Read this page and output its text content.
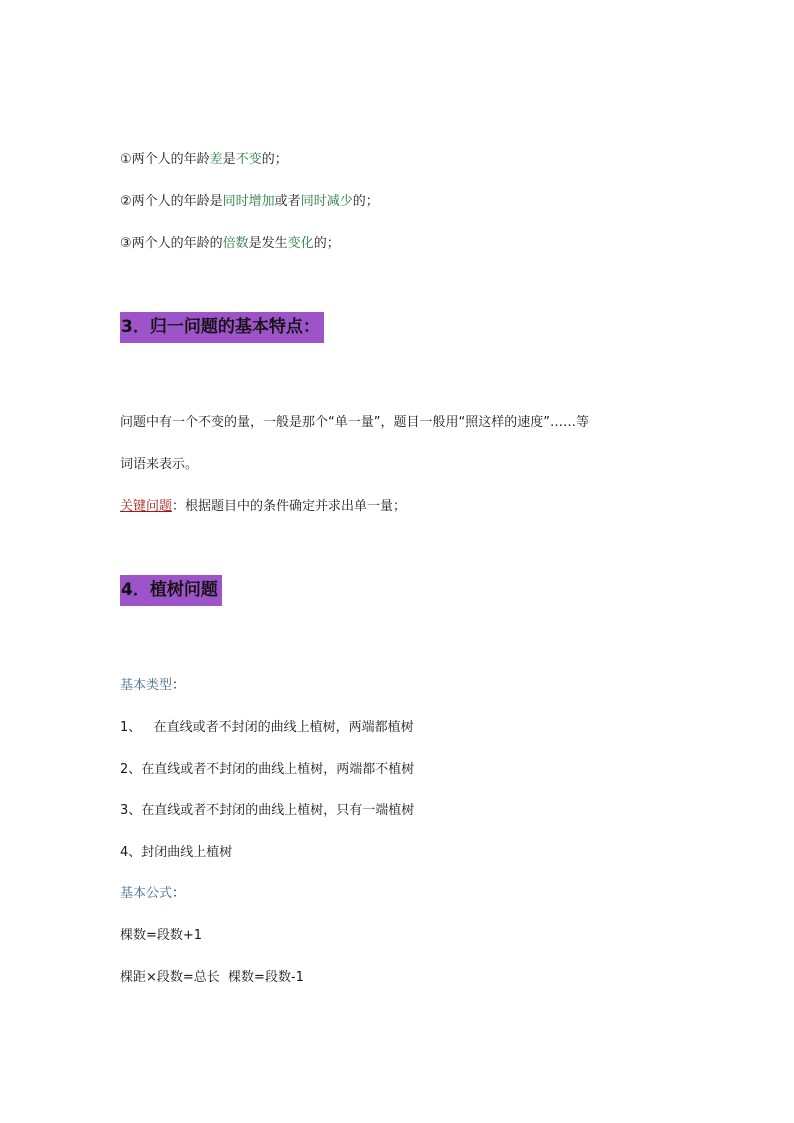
①两个人的年龄差是不变的；
②两个人的年龄是同时增加或者同时减少的；
③两个人的年龄的倍数是发生变化的；
3．归一问题的基本特点：
问题中有一个不变的量，一般是那个“单一量”，题目一般用“照这样的速度”……等
词语来表示。
关键问题：根据题目中的条件确定并求出单一量；
4．植树问题
基本类型：
1、   在直线或者不封闭的曲线上植树，两端都植树
2、在直线或者不封闭的曲线上植树，两端都不植树
3、在直线或者不封闭的曲线上植树，只有一端植树
4、封闭曲线上植树
基本公式：
棵数=段数+1
棵距×段数=总长  棵数=段数-1
